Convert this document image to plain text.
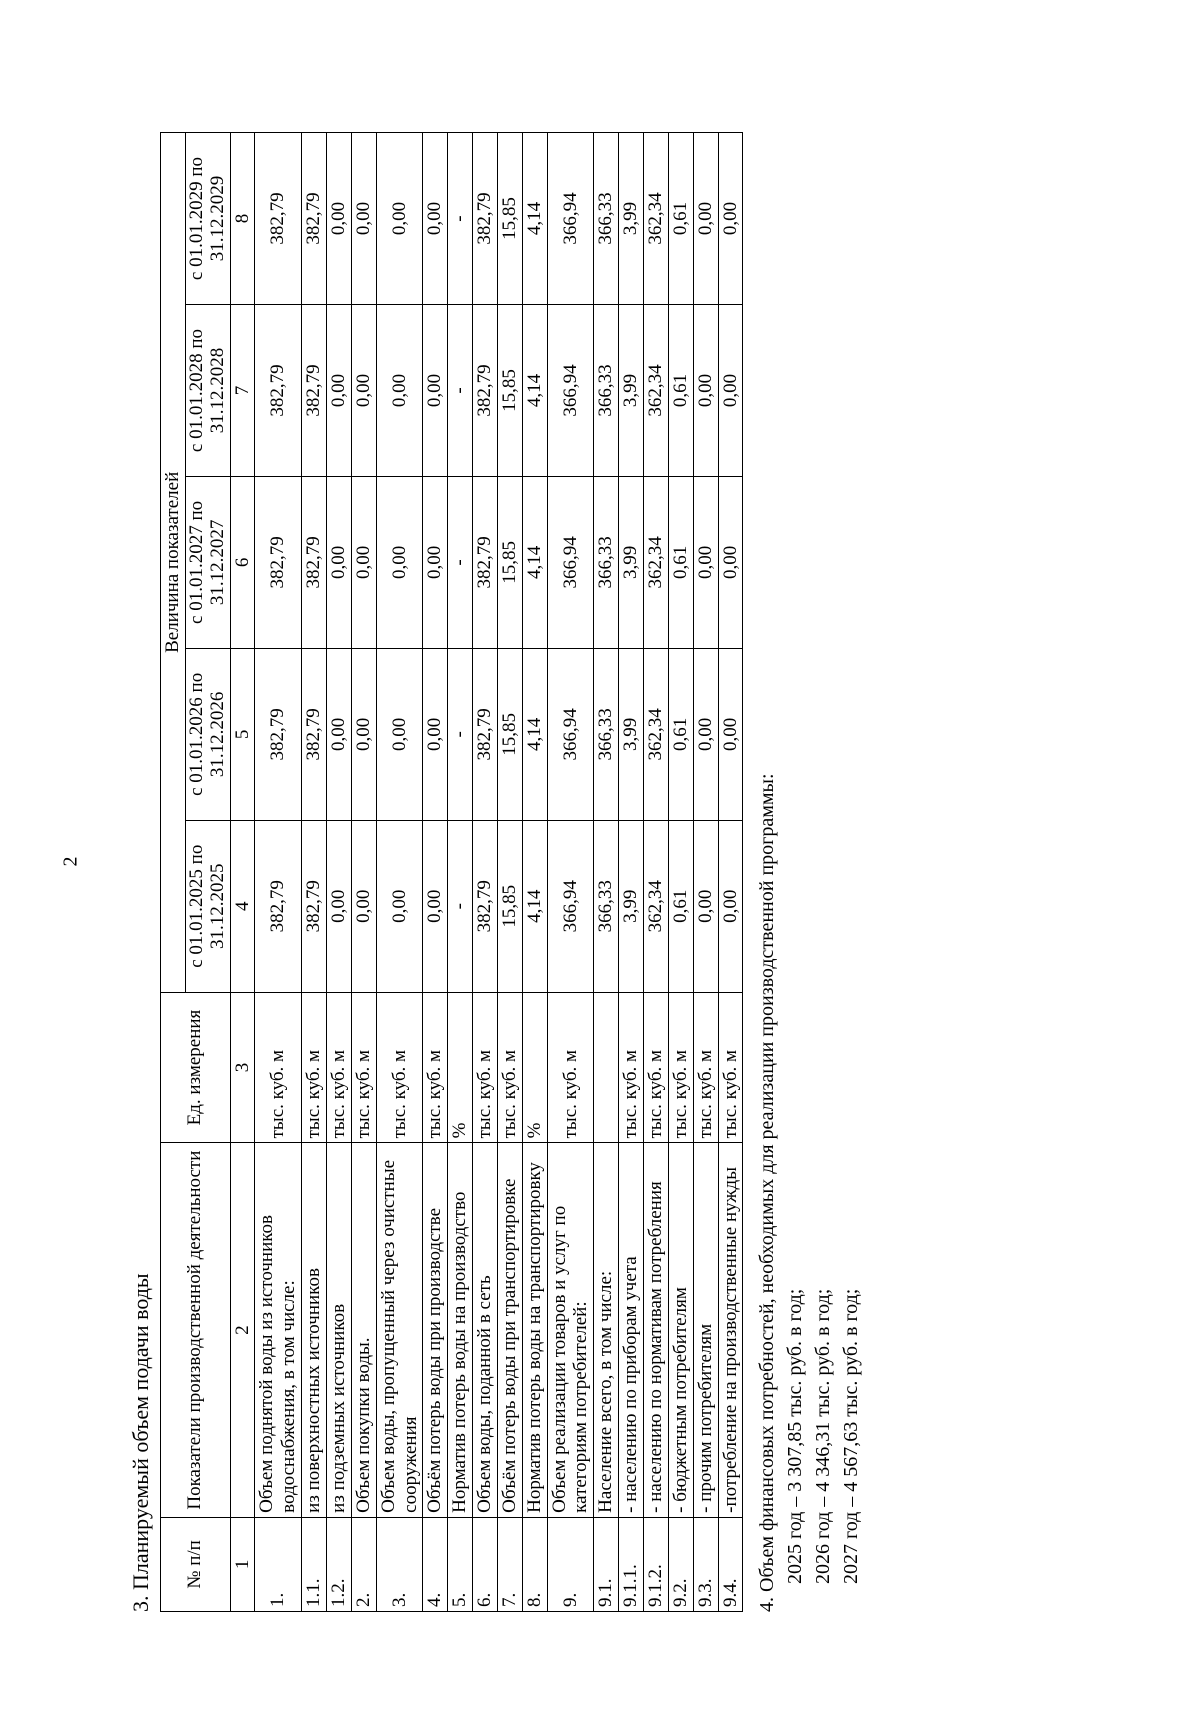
2
3. Планируемый объем подачи воды	№ п/п	Показатели производственной деятельности	Ед. измерения	Величина показателей				
			с 01.01.2025 по 31.12.2025	с 01.01.2026 по 31.12.2026	с 01.01.2027 по 31.12.2027	с 01.01.2028 по 31.12.2028	с 01.01.2029 по 31.12.2029
1	2	3	4	5	6	7	8
1.	Объем поднятой воды из источников водоснабжения, в том числе:	тыс. куб. м	382,79	382,79	382,79	382,79	382,79
1.1.	из поверхностных источников	тыс. куб. м	382,79	382,79	382,79	382,79	382,79
1.2.	из подземных источников	тыс. куб. м	0,00	0,00	0,00	0,00	0,00
2.	Объем покупки воды.	тыс. куб. м	0,00	0,00	0,00	0,00	0,00
3.	Объем воды, пропущенный через очистные сооружения	тыс. куб. м	0,00	0,00	0,00	0,00	0,00
4.	Объём потерь воды при производстве	тыс. куб. м	0,00	0,00	0,00	0,00	0,00
5.	Норматив потерь воды на производство	%	-	-	-	-	-
6.	Объем воды, поданной в сеть	тыс. куб. м	382,79	382,79	382,79	382,79	382,79
7.	Объём потерь воды при транспортировке	тыс. куб. м	15,85	15,85	15,85	15,85	15,85
8.	Норматив потерь воды на транспортировку	%	4,14	4,14	4,14	4,14	4,14
9.	Объем реализации товаров и услуг по категориям потребителей:	тыс. куб. м	366,94	366,94	366,94	366,94	366,94
9.1.	Население всего, в том числе:		366,33	366,33	366,33	366,33	366,33
9.1.1.	- населению по приборам учета	тыс. куб. м	3,99	3,99	3,99	3,99	3,99
9.1.2.	- населению по нормативам потребления	тыс. куб. м	362,34	362,34	362,34	362,34	362,34
9.2.	- бюджетным потребителям	тыс. куб. м	0,61	0,61	0,61	0,61	0,61
9.3.	- прочим потребителям	тыс. куб. м	0,00	0,00	0,00	0,00	0,00
9.4.	-потребление на производственные нужды	тыс. куб. м	0,00	0,00	0,00	0,00	0,00
4. Объем финансовых потребностей, необходимых для реализации производственной программы: 2025 год – 3 307,85 тыс. руб. в год; 2026 год – 4 346,31 тыс. руб. в год; 2027 год – 4 567,63 тыс. руб. в год;
